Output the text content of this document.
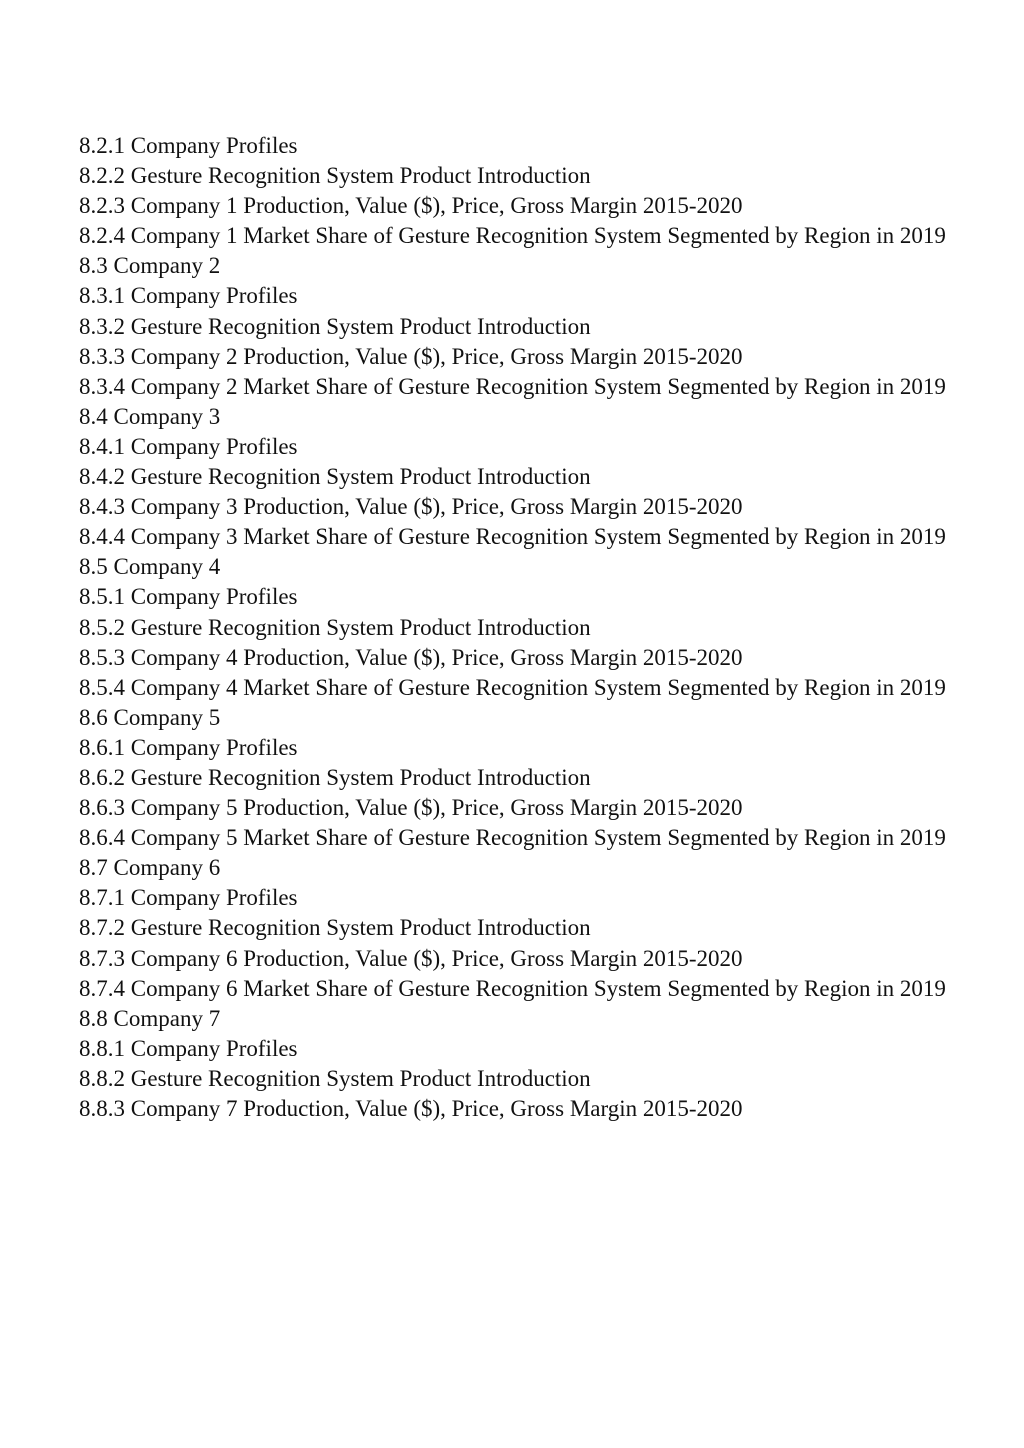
8.2.1 Company Profiles
8.2.2 Gesture Recognition System Product Introduction
8.2.3 Company 1 Production, Value ($), Price, Gross Margin 2015-2020
8.2.4 Company 1 Market Share of Gesture Recognition System Segmented by Region in 2019
8.3 Company 2
8.3.1 Company Profiles
8.3.2 Gesture Recognition System Product Introduction
8.3.3 Company 2 Production, Value ($), Price, Gross Margin 2015-2020
8.3.4 Company 2 Market Share of Gesture Recognition System Segmented by Region in 2019
8.4 Company 3
8.4.1 Company Profiles
8.4.2 Gesture Recognition System Product Introduction
8.4.3 Company 3 Production, Value ($), Price, Gross Margin 2015-2020
8.4.4 Company 3 Market Share of Gesture Recognition System Segmented by Region in 2019
8.5 Company 4
8.5.1 Company Profiles
8.5.2 Gesture Recognition System Product Introduction
8.5.3 Company 4 Production, Value ($), Price, Gross Margin 2015-2020
8.5.4 Company 4 Market Share of Gesture Recognition System Segmented by Region in 2019
8.6 Company 5
8.6.1 Company Profiles
8.6.2 Gesture Recognition System Product Introduction
8.6.3 Company 5 Production, Value ($), Price, Gross Margin 2015-2020
8.6.4 Company 5 Market Share of Gesture Recognition System Segmented by Region in 2019
8.7 Company 6
8.7.1 Company Profiles
8.7.2 Gesture Recognition System Product Introduction
8.7.3 Company 6 Production, Value ($), Price, Gross Margin 2015-2020
8.7.4 Company 6 Market Share of Gesture Recognition System Segmented by Region in 2019
8.8 Company 7
8.8.1 Company Profiles
8.8.2 Gesture Recognition System Product Introduction
8.8.3 Company 7 Production, Value ($), Price, Gross Margin 2015-2020
